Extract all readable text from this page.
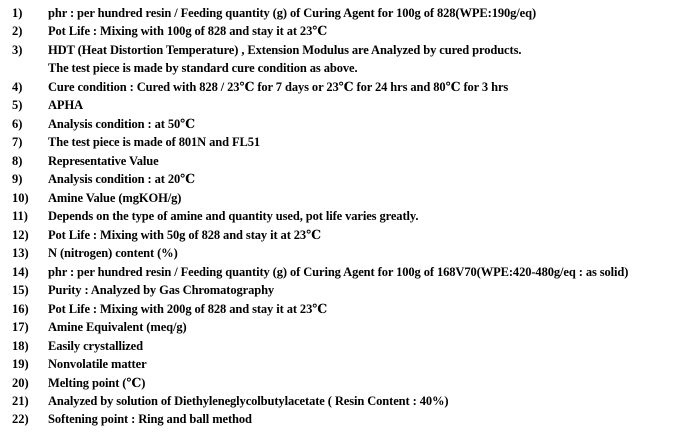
1) phr : per hundred resin / Feeding quantity (g) of Curing Agent for 100g of 828(WPE:190g/eq)
2) Pot Life : Mixing with 100g of 828 and stay it at 23℃
3) HDT (Heat Distortion Temperature) , Extension Modulus are Analyzed by cured products.
The test piece is made by standard cure condition as above.
4) Cure condition : Cured with 828 / 23℃ for 7 days or 23℃ for 24 hrs and 80℃ for 3 hrs
5) APHA
6) Analysis condition : at 50℃
7) The test piece is made of 801N and FL51
8) Representative Value
9) Analysis condition : at 20℃
10) Amine Value (mgKOH/g)
11) Depends on the type of amine and quantity used, pot life varies greatly.
12) Pot Life : Mixing with 50g of 828 and stay it at 23℃
13) N (nitrogen) content (%)
14) phr : per hundred resin / Feeding quantity (g) of Curing Agent for 100g of 168V70(WPE:420-480g/eq : as solid)
15) Purity : Analyzed by Gas Chromatography
16) Pot Life : Mixing with 200g of 828 and stay it at 23℃
17) Amine Equivalent (meq/g)
18) Easily crystallized
19) Nonvolatile matter
20) Melting point (℃)
21) Analyzed by solution of Diethyleneglycolbutylacetate ( Resin Content : 40%)
22) Softening point : Ring and ball method
